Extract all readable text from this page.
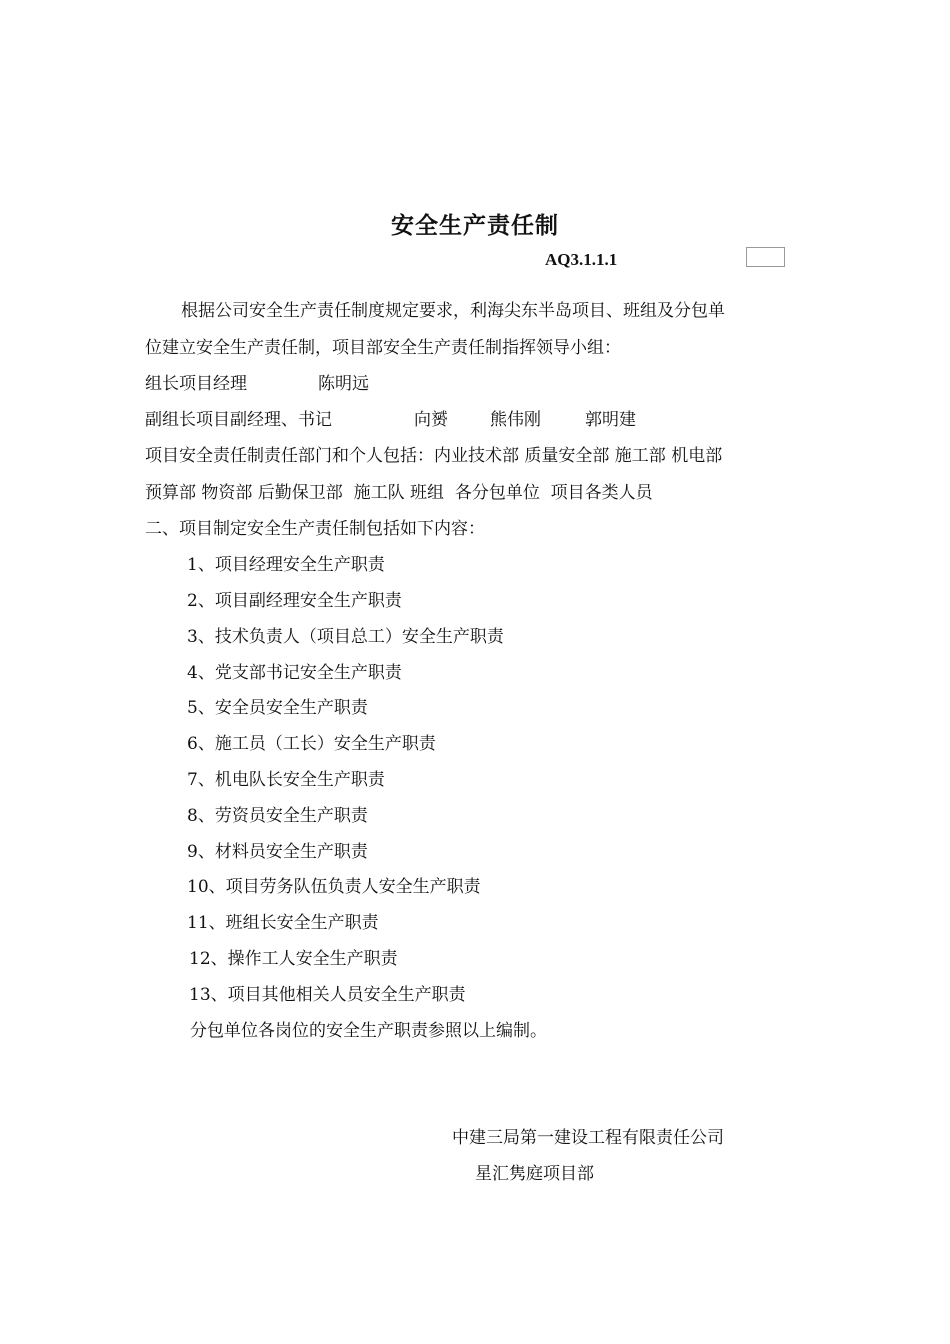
安全生产责任制
AQ3.1.1.1
根据公司安全生产责任制度规定要求，利海尖东半岛项目、班组及分包单
位建立安全生产责任制，项目部安全生产责任制指挥领导小组：
组长项目经理	陈明远
副组长项目副经理、书记	向赟 熊伟刚	郭明建
项目安全责任制责任部门和个人包括：内业技术部 质量安全部 施工部 机电部
预算部 物资部 后勤保卫部  施工队 班组  各分包单位  项目各类人员
二、项目制定安全生产责任制包括如下内容：
1、项目经理安全生产职责
2、项目副经理安全生产职责
3、技术负责人（项目总工）安全生产职责
4、党支部书记安全生产职责
5、安全员安全生产职责
6、施工员（工长）安全生产职责
7、机电队长安全生产职责
8、劳资员安全生产职责
9、材料员安全生产职责
10、项目劳务队伍负责人安全生产职责
11、班组长安全生产职责
12、操作工人安全生产职责
13、项目其他相关人员安全生产职责
分包单位各岗位的安全生产职责参照以上编制。
中建三局第一建设工程有限责任公司
星汇隽庭项目部
